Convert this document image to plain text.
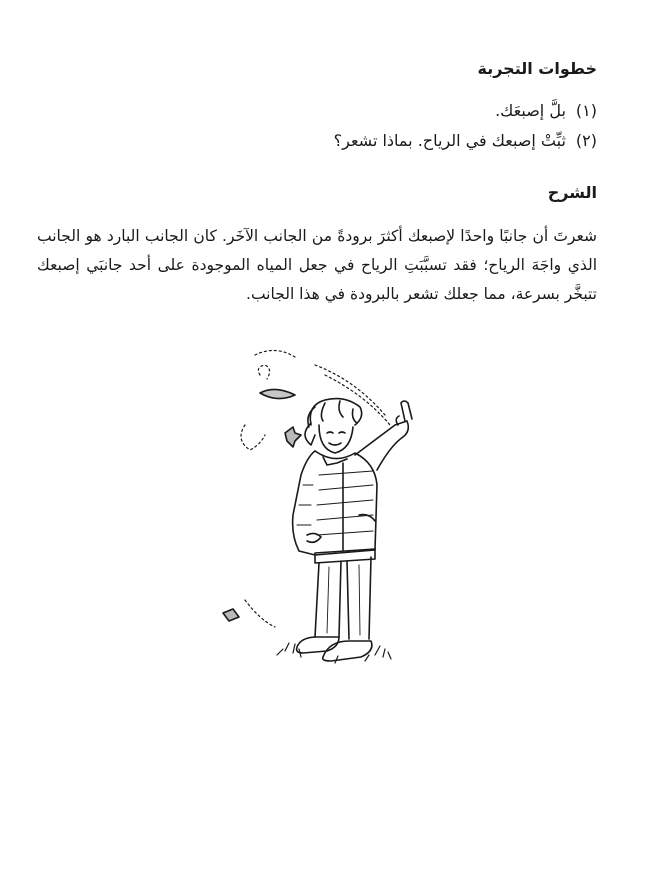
خطوات التجربة
(١)بلَّ إصبعَك.
(٢)ثبِّتْ إصبعك في الرياح. بماذا تشعر؟
الشرح
شعرتَ أن جانبًا واحدًا لإصبعك أكثرَ برودةً من الجانب الآخَر. كان الجانب البارد هو الجانب الذي واجَهَ الرياح؛ فقد تسبَّبَتِ الرياح في جعل المياه الموجودة على أحد جانبَي إصبعك تتبخَّر بسرعة، مما جعلك تشعر بالبرودة في هذا الجانب.
